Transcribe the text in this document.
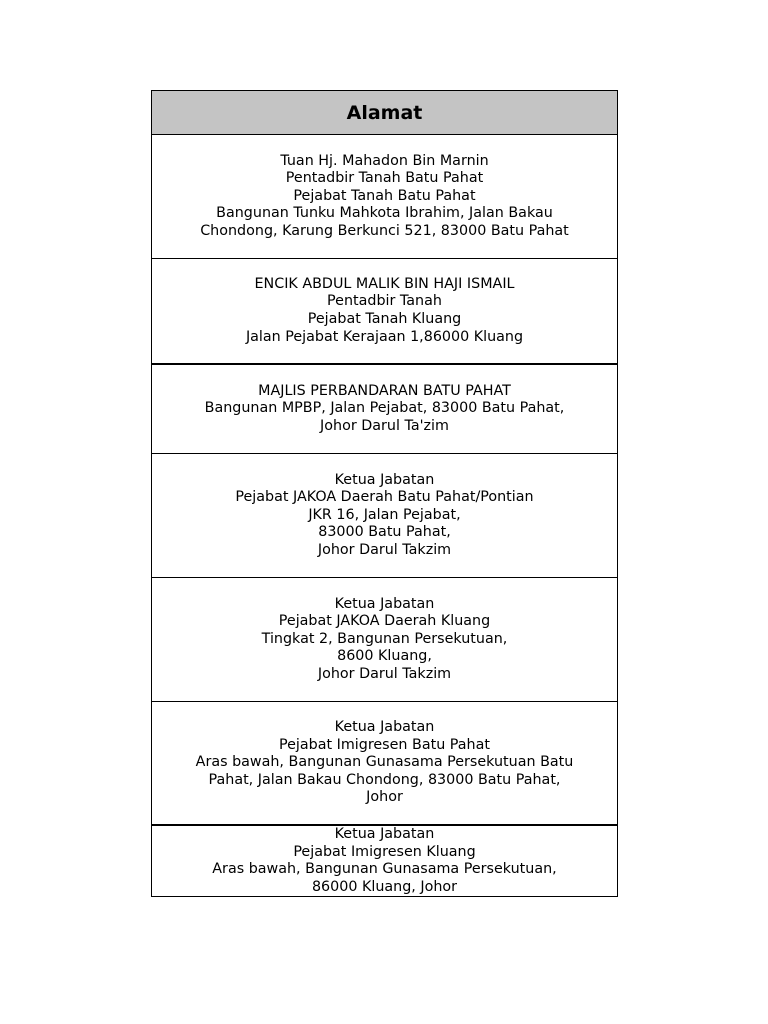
Alamat
Tuan Hj. Mahadon Bin Marnin
Pentadbir Tanah Batu Pahat
Pejabat Tanah Batu Pahat
Bangunan Tunku Mahkota Ibrahim, Jalan Bakau
Chondong, Karung Berkunci 521, 83000 Batu Pahat
ENCIK ABDUL MALIK BIN HAJI ISMAIL
Pentadbir Tanah
Pejabat Tanah Kluang
Jalan Pejabat Kerajaan 1,86000 Kluang
MAJLIS PERBANDARAN BATU PAHAT
Bangunan MPBP, Jalan Pejabat, 83000 Batu Pahat,
Johor Darul Ta'zim
Ketua Jabatan
Pejabat JAKOA Daerah Batu Pahat/Pontian
JKR 16, Jalan Pejabat,
83000 Batu Pahat,
Johor Darul Takzim
Ketua Jabatan
Pejabat JAKOA Daerah Kluang
Tingkat 2, Bangunan Persekutuan,
8600 Kluang,
Johor Darul Takzim
Ketua Jabatan
Pejabat Imigresen Batu Pahat
Aras bawah, Bangunan Gunasama Persekutuan Batu
Pahat, Jalan Bakau Chondong, 83000 Batu Pahat,
Johor
Ketua Jabatan
Pejabat Imigresen Kluang
Aras bawah, Bangunan Gunasama Persekutuan,
86000 Kluang, Johor
